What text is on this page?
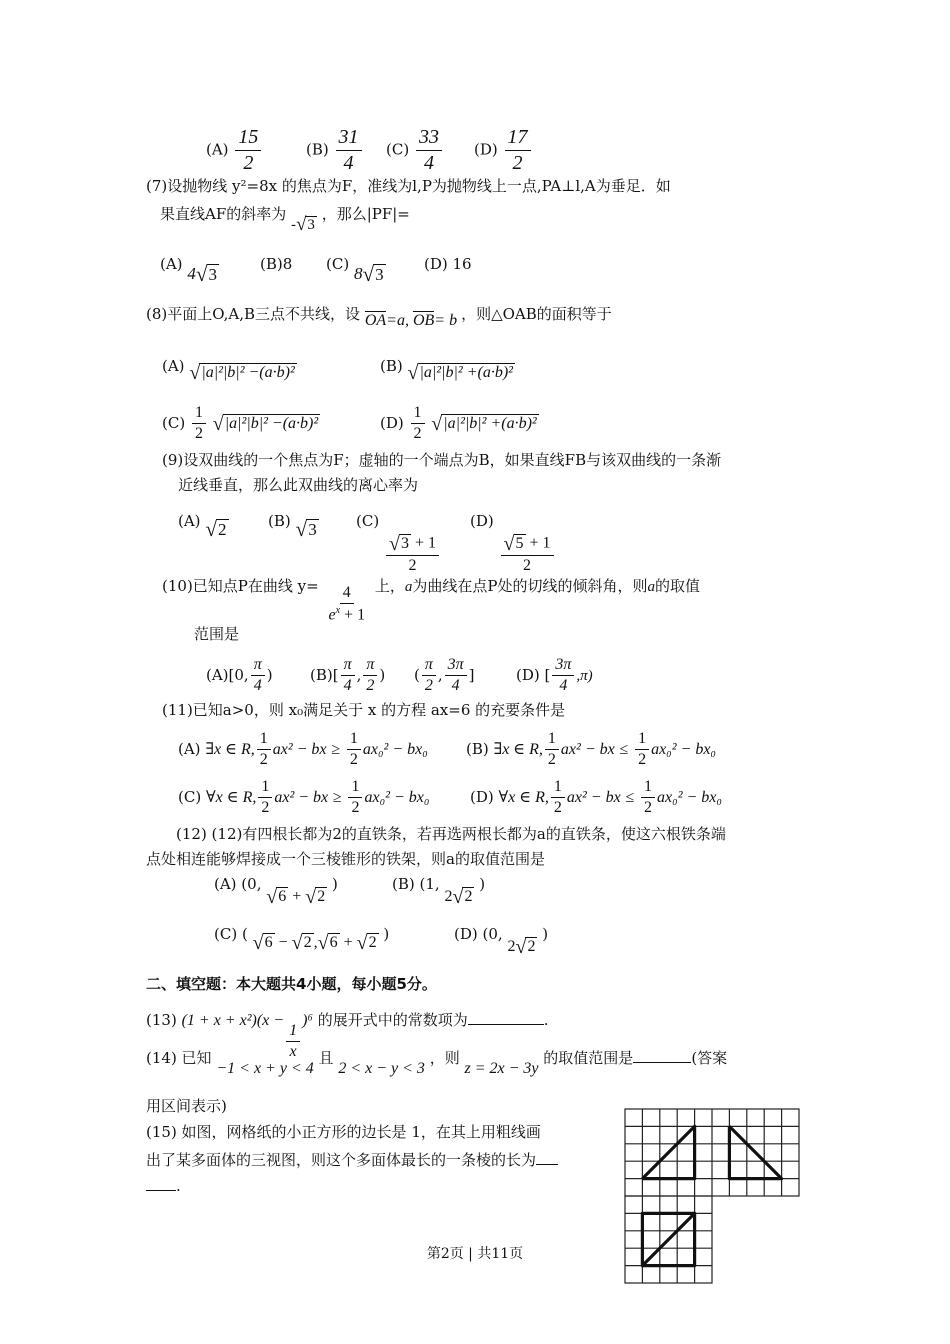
$(A) \frac{15}{2}$	$(B) \frac{31}{4} (C) \frac{33}{4} (D) \frac{17}{2}$
(7)设抛物线 y²=8x 的焦点为F，准线为l,P为抛物线上一点,PA⊥l,A为垂足．如
果直线AF的斜率为 - √ 3
，那么|PF|=
(A) 4 √ 3
(B)8 (C) 8 √ 3
(D) 16
(8)平面上O,A,B三点不共线，设 OA=a, OB= b ，则△OAB的面积等于
(A) √ |a|²|b|² −(a·b)²	(B) √ |a|²|b|² +(a·b)²
$(C) \frac{1}{2}$
√ |a|²|b|² −(a·b)²	$(D) \frac{1}{2}$
√ |a|²|b|² +(a·b)²
(9)设双曲线的一个焦点为F；虚轴的一个端点为B，如果直线FB与该双曲线的一条渐
近线垂直，那么此双曲线的离心率为
(A) √ 2	(B) √ 3	(C)
$\frac{√ 3 + 1}{2}$
(D)
$\frac{√ 5 + 1}{2}$
(10)已知点P在曲线 $y= \frac{4}{e^x + 1}$ 上，a为曲线在点P处的切线的倾斜角，则a的取值
范围是
(A)[0, $\frac{\pi}{4}$ ) $(B)[ \frac{\pi}{4}$ , $\frac{\pi}{2}$ ) ( $\frac{\pi}{2}$ , $\frac{3\pi}{4}$ ]	(D) [ $\frac{3\pi}{4} ,\pi$)
(11)已知a>0，则 x₀满足关于 x 的方程 ax=6 的充要条件是
(A) ∃x ∈ R, $\frac{1}{2} ax^2$ − bx ≥ $\frac{1}{2} ax_0^2 - bx_0$	(B) ∃x ∈ R, $\frac{1}{2} ax^2$ − bx ≤ $\frac{1}{2} ax_0^2 - bx_0$
(C) ∀x ∈ R, $\frac{1}{2} ax^2$ − bx ≥ $\frac{1}{2} ax_0^2 - bx_0$	(D) ∀x ∈ R, $\frac{1}{2} ax^2$ − bx ≤ $\frac{1}{2} ax_0^2 - bx_0$
(12) (12)有四根长都为2的直铁条，若再选两根长都为a的直铁条，使这六根铁条端
点处相连能够焊接成一个三棱锥形的铁架，则a的取值范围是
(A) (0,
√ 6 + √ 2
)	(B) (1, 2 √ 2
)
(C) ( √ 6 − √ 2 , √ 6 + √ 2 )	(D) (0, 2 √ 2
)
二、填空题：本大题共4小题，每小题5分。
(13) (1 + x + x²)(x −
$\frac{1}{x}$
)⁶ 的展开式中的常数项为	.
(14) 已知 −1 < x + y < 4 且 2 < x − y < 3 ，则 z = 2x − 3y 的取值范围是	(答案
用区间表示)
(15) 如图，网格纸的小正方形的边长是 1，在其上用粗线画
出了某多面体的三视图，则这个多面体最长的一条棱的长为
.
第2页 | 共11页
